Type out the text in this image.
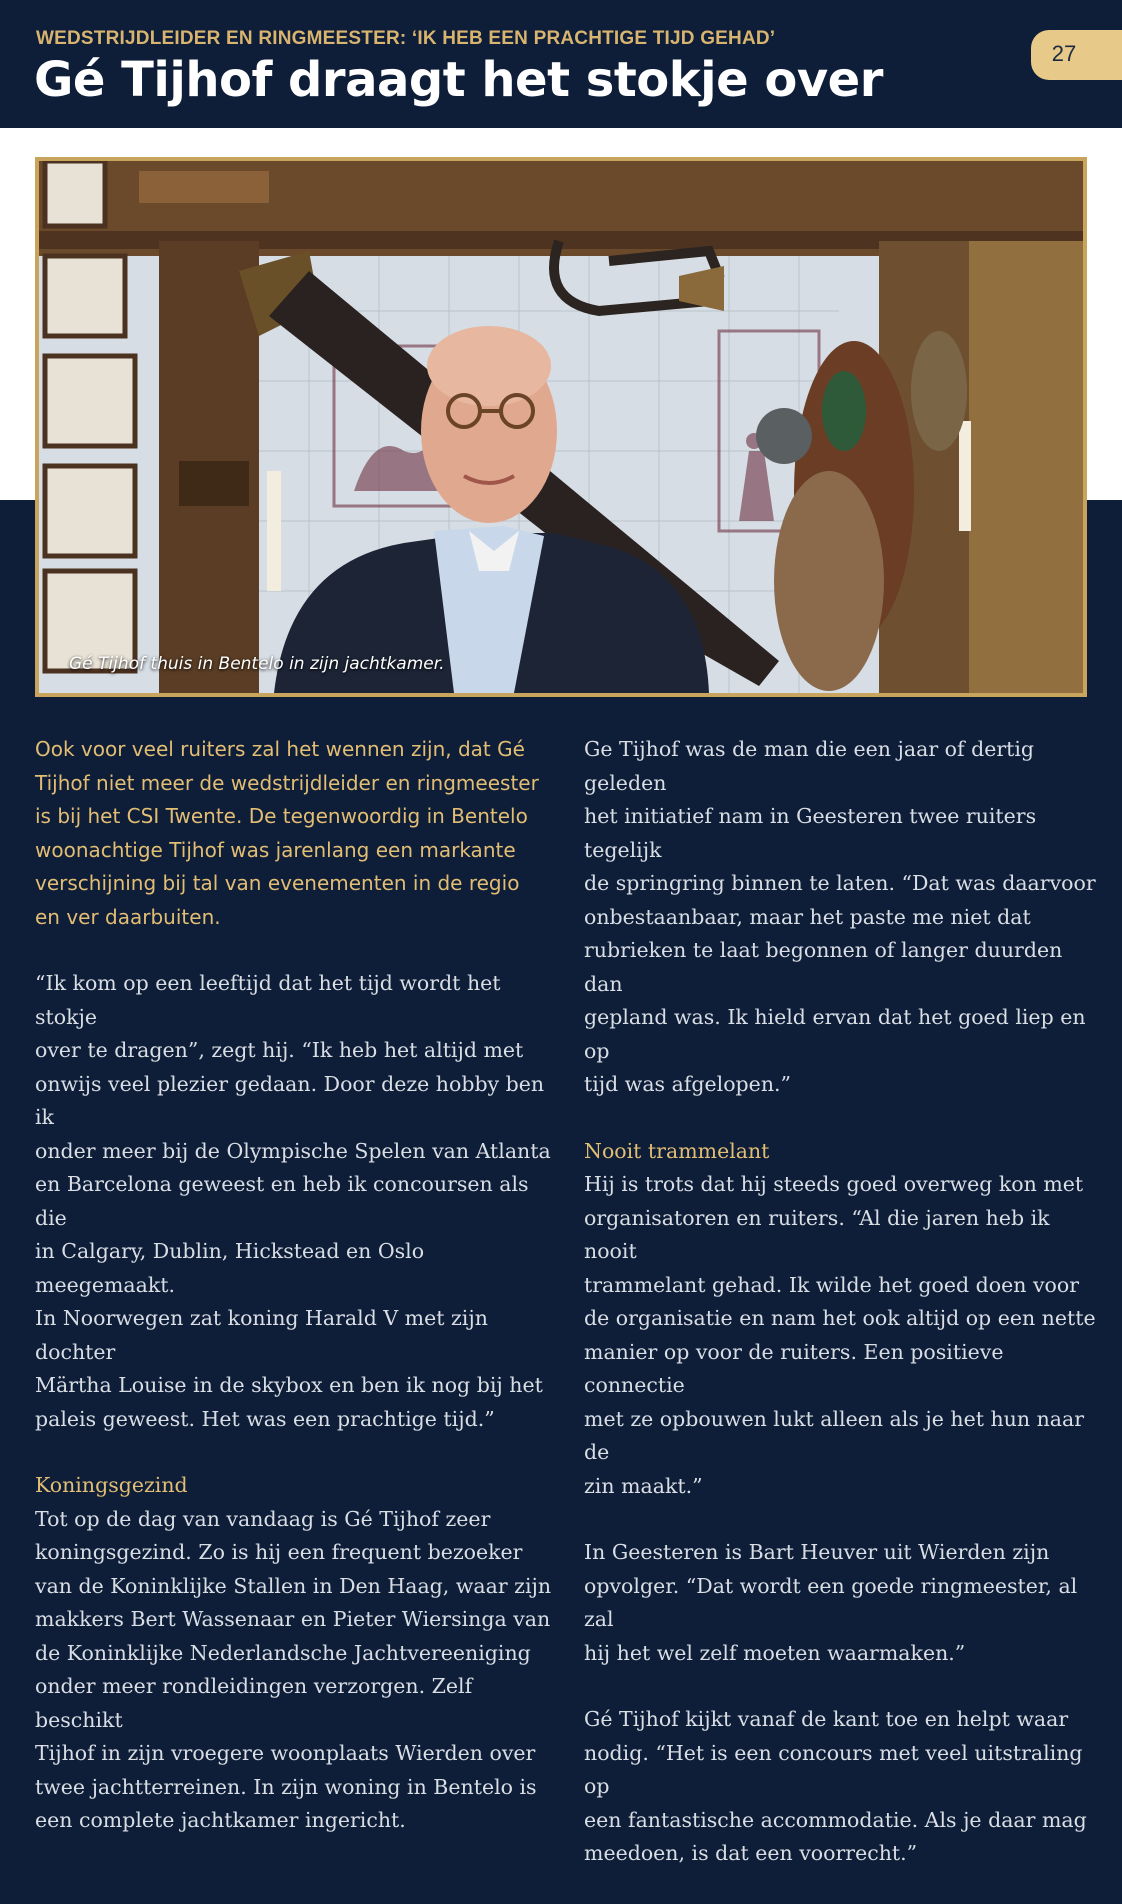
WEDSTRIJDLEIDER EN RINGMEESTER: ‘IK HEB EEN PRACHTIGE TIJD GEHAD’
Gé Tijhof draagt het stokje over	27
Gé Tijhof thuis in Bentelo in zijn jachtkamer.

Ook voor veel ruiters zal het wennen zijn, dat Gé
Tijhof niet meer de wedstrijdleider en ringmeester
is bij het CSI Twente. De tegenwoordig in Bentelo
woonachtige Tijhof was jarenlang een markante
verschijning bij tal van evenementen in de regio
en ver daarbuiten.

“Ik kom op een leeftijd dat het tijd wordt het stokje
over te dragen”, zegt hij. “Ik heb het altijd met
onwijs veel plezier gedaan. Door deze hobby ben ik
onder meer bij de Olympische Spelen van Atlanta
en Barcelona geweest en heb ik concoursen als die
in Calgary, Dublin, Hickstead en Oslo meegemaakt.
In Noorwegen zat koning Harald V met zijn dochter
Märtha Louise in de skybox en ben ik nog bij het
paleis geweest. Het was een prachtige tijd.”

Koningsgezind

Tot op de dag van vandaag is Gé Tijhof zeer
koningsgezind. Zo is hij een frequent bezoeker
van de Koninklijke Stallen in Den Haag, waar zijn
makkers Bert Wassenaar en Pieter Wiersinga van
de Koninklijke Nederlandsche Jachtvereeniging
onder meer rondleidingen verzorgen. Zelf beschikt
Tijhof in zijn vroegere woonplaats Wierden over
twee jachtterreinen. In zijn woning in Bentelo is
een complete jachtkamer ingericht.

Ge Tijhof was de man die een jaar of dertig geleden
het initiatief nam in Geesteren twee ruiters tegelijk
de springring binnen te laten. “Dat was daarvoor
onbestaanbaar, maar het paste me niet dat
rubrieken te laat begonnen of langer duurden dan
gepland was. Ik hield ervan dat het goed liep en op
tijd was afgelopen.”

Nooit trammelant

Hij is trots dat hij steeds goed overweg kon met
organisatoren en ruiters. “Al die jaren heb ik nooit
trammelant gehad. Ik wilde het goed doen voor
de organisatie en nam het ook altijd op een nette
manier op voor de ruiters. Een positieve connectie
met ze opbouwen lukt alleen als je het hun naar de
zin maakt.”

In Geesteren is Bart Heuver uit Wierden zijn
opvolger. “Dat wordt een goede ringmeester, al zal
hij het wel zelf moeten waarmaken.”

Gé Tijhof kijkt vanaf de kant toe en helpt waar
nodig. “Het is een concours met veel uitstraling op
een fantastische accommodatie. Als je daar mag
meedoen, is dat een voorrecht.”
